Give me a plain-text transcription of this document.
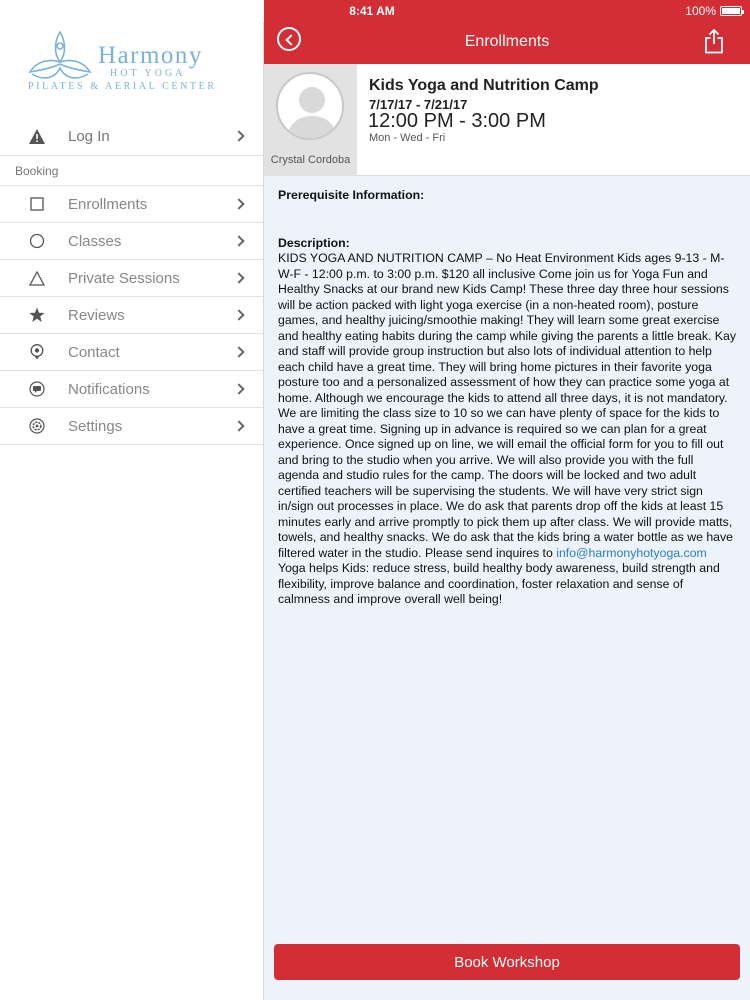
8:41 AM	100%
Harmony
HOT YOGA
PILATES & AERIAL CENTER
Log In
Booking
Enrollments
Classes
Private Sessions
Reviews
Contact
Notifications
Settings
Enrollments
Crystal Cordoba
Kids Yoga and Nutrition Camp
7/17/17 - 7/21/17
12:00 PM - 3:00 PM
Mon - Wed - Fri
Prerequisite Information:
Description:

KIDS YOGA AND NUTRITION CAMP – No Heat Environment Kids ages 9-13 - M-W-F - 12:00 p.m. to 3:00 p.m. $120 all inclusive Come join us for Yoga Fun and Healthy Snacks at our brand new Kids Camp! These three day three hour sessions will be action packed with light yoga exercise (in a non-heated room), posture games, and healthy juicing/smoothie making! They will learn some great exercise and healthy eating habits during the camp while giving the parents a little break. Kay and staff will provide group instruction but also lots of individual attention to help each child have a great time. They will bring home pictures in their favorite yoga posture too and a personalized assessment of how they can practice some yoga at home. Although we encourage the kids to attend all three days, it is not mandatory. We are limiting the class size to 10 so we can have plenty of space for the kids to have a great time. Signing up in advance is required so we can plan for a great experience. Once signed up on line, we will email the official form for you to fill out and bring to the studio when you arrive. We will also provide you with the full agenda and studio rules for the camp. The doors will be locked and two adult certified teachers will be supervising the students. We will have very strict sign in/sign out processes in place. We do ask that parents drop off the kids at least 15 minutes early and arrive promptly to pick them up after class. We will provide matts, towels, and healthy snacks. We do ask that the kids bring a water bottle as we have filtered water in the studio. Please send inquires to info@harmonyhotyoga.com Yoga helps Kids: reduce stress, build healthy body awareness, build strength and flexibility, improve balance and coordination, foster relaxation and sense of calmness and improve overall well being!

Book Workshop
